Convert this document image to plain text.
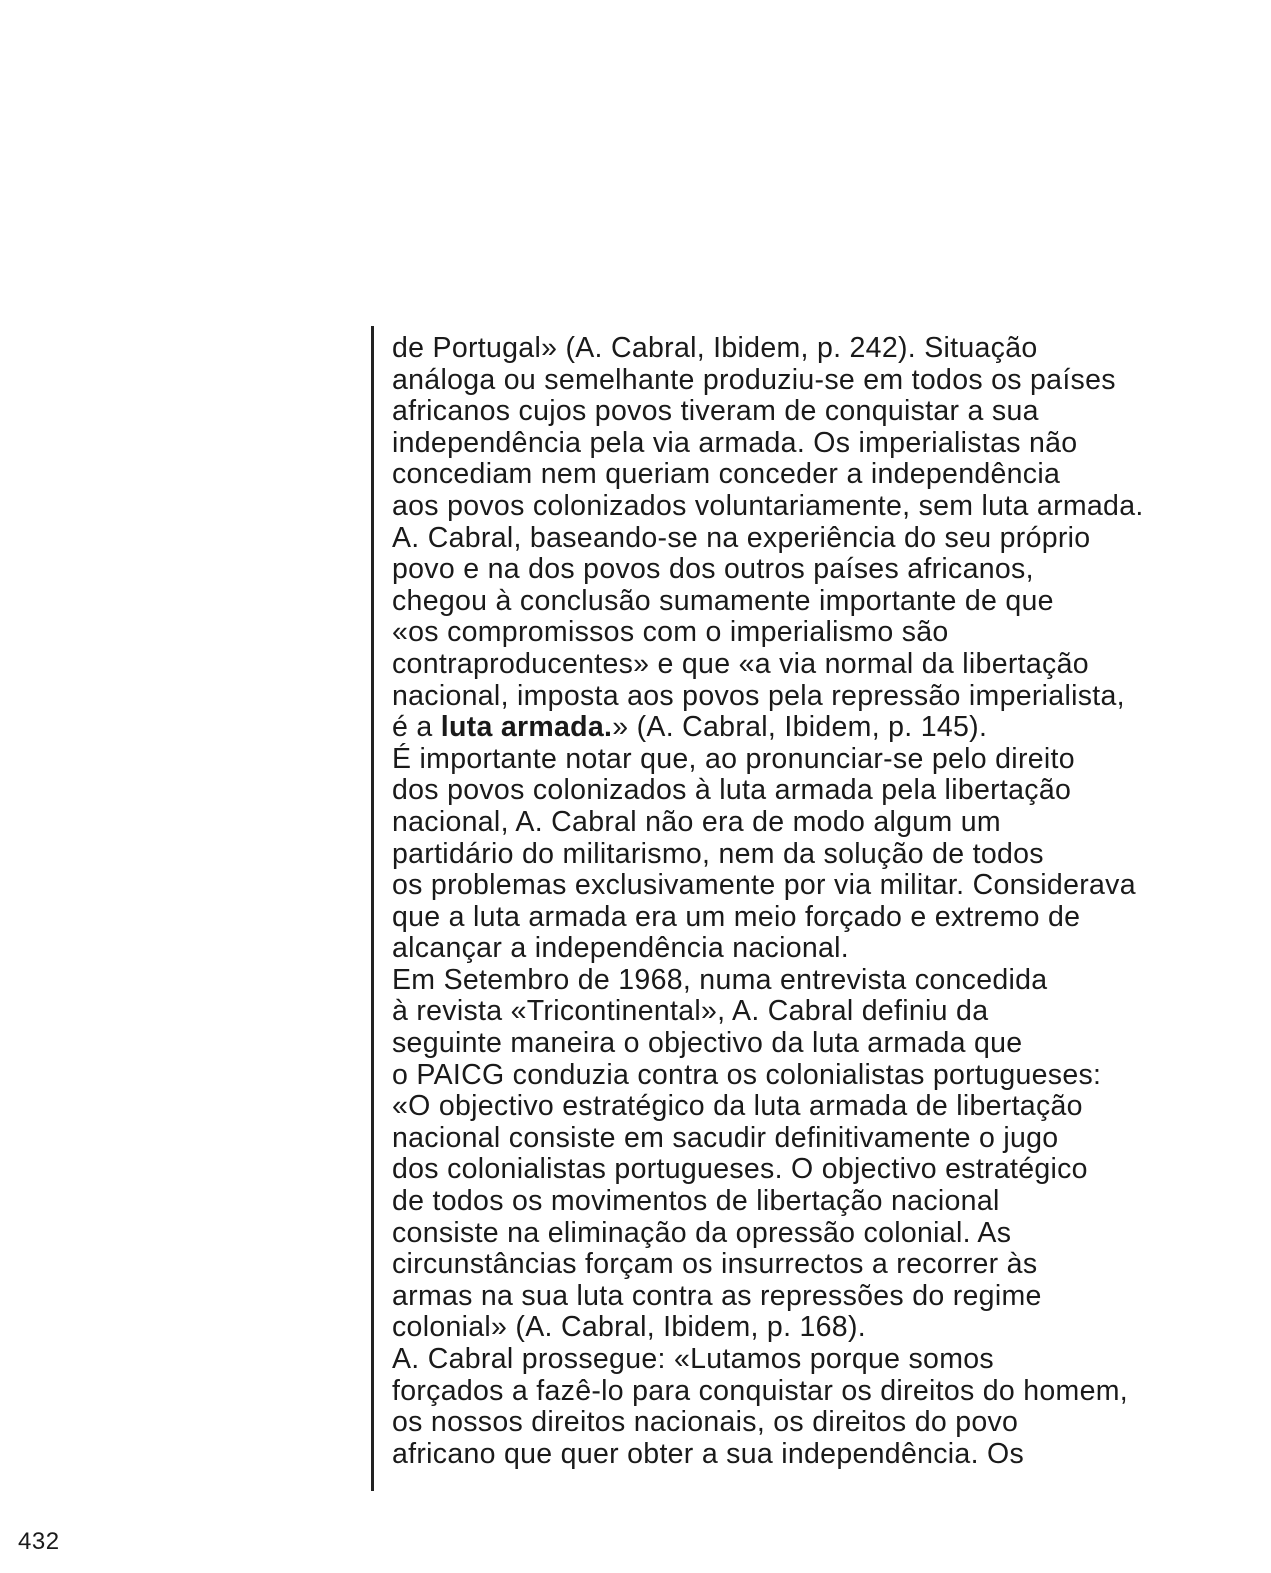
de Portugal» (A. Cabral, Ibidem, p. 242). Situação
análoga ou semelhante produziu-se em todos os países
africanos cujos povos tiveram de conquistar a sua
independência pela via armada. Os imperialistas não
concediam nem queriam conceder a independência
aos povos colonizados voluntariamente, sem luta armada.
A. Cabral, baseando-se na experiência do seu próprio
povo e na dos povos dos outros países africanos,
chegou à conclusão sumamente importante de que
«os compromissos com o imperialismo são
contraproducentes» e que «a via normal da libertação
nacional, imposta aos povos pela repressão imperialista,
é a luta armada.» (A. Cabral, Ibidem, p. 145).
É importante notar que, ao pronunciar-se pelo direito
dos povos colonizados à luta armada pela libertação
nacional, A. Cabral não era de modo algum um
partidário do militarismo, nem da solução de todos
os problemas exclusivamente por via militar. Considerava
que a luta armada era um meio forçado e extremo de
alcançar a independência nacional.
Em Setembro de 1968, numa entrevista concedida
à revista «Tricontinental», A. Cabral definiu da
seguinte maneira o objectivo da luta armada que
o PAICG conduzia contra os colonialistas portugueses:
«O objectivo estratégico da luta armada de libertação
nacional consiste em sacudir definitivamente o jugo
dos colonialistas portugueses. O objectivo estratégico
de todos os movimentos de libertação nacional
consiste na eliminação da opressão colonial. As
circunstâncias forçam os insurrectos a recorrer às
armas na sua luta contra as repressões do regime
colonial» (A. Cabral, Ibidem, p. 168).
A. Cabral prossegue: «Lutamos porque somos
forçados a fazê-lo para conquistar os direitos do homem,
os nossos direitos nacionais, os direitos do povo
africano que quer obter a sua independência. Os
432
